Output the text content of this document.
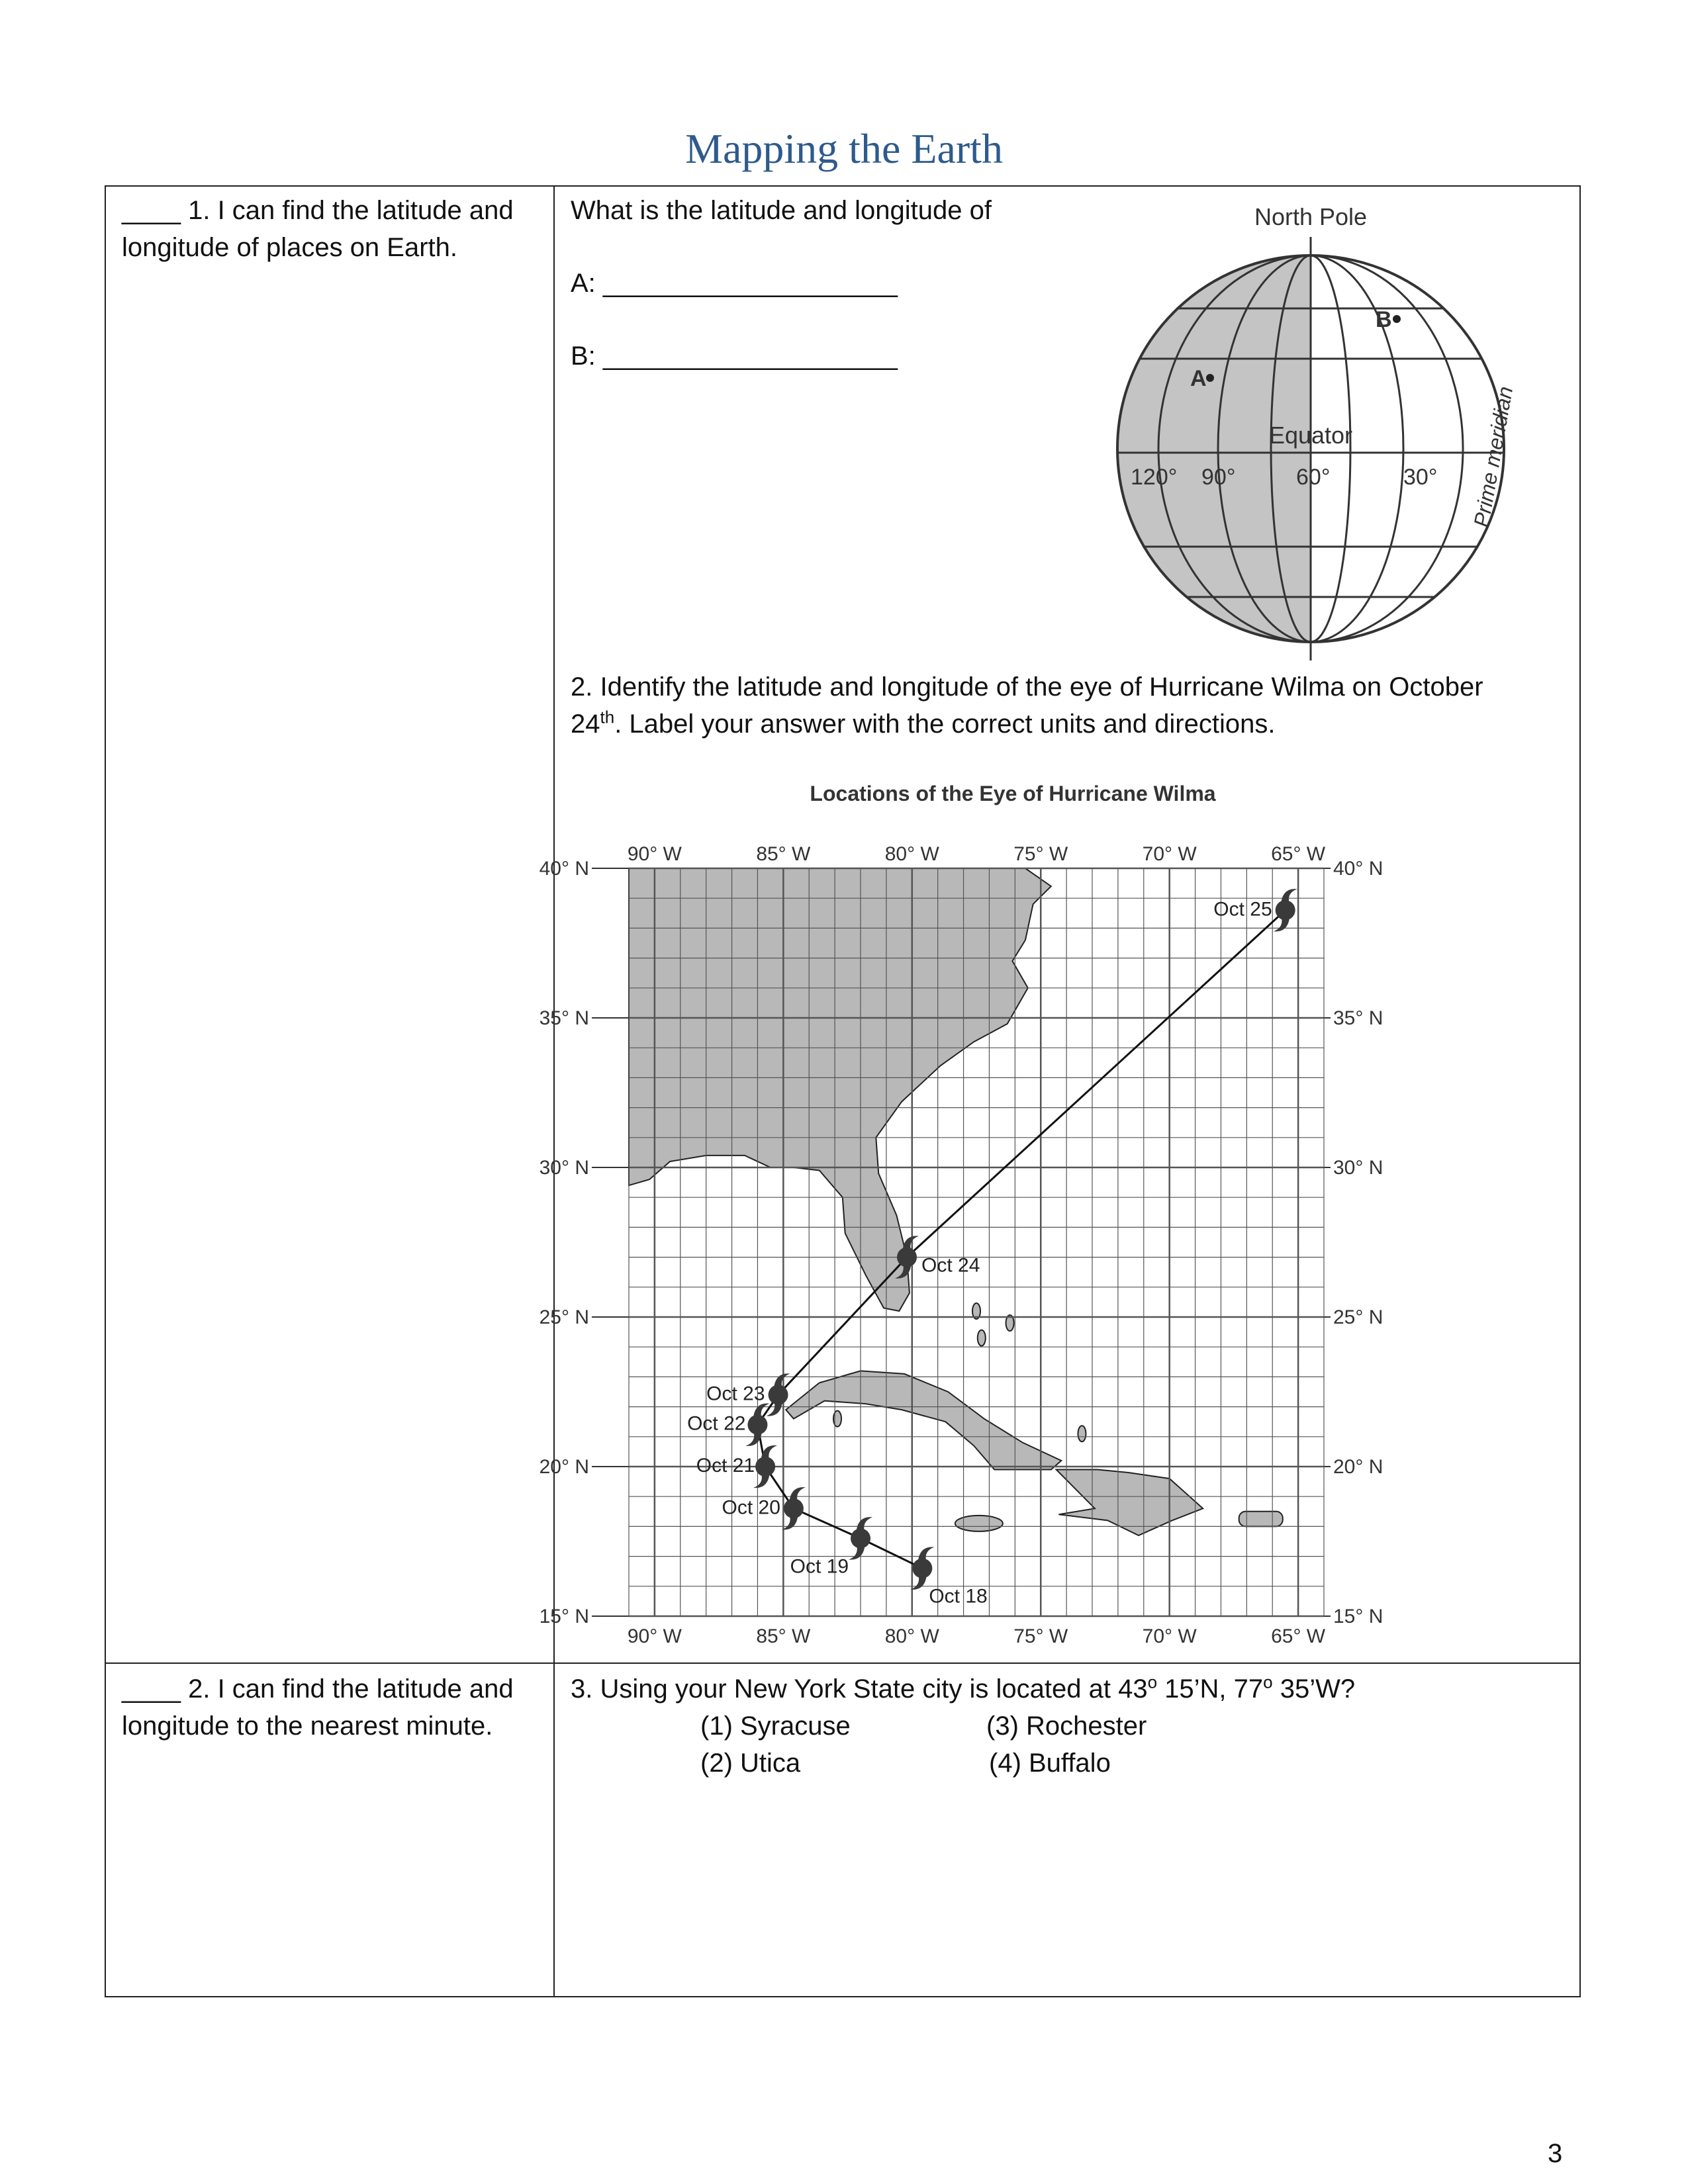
Mapping the Earth
____ 1. I can find the latitude and longitude of places on Earth.
What is the latitude and longitude of
A: ____________________
B: ____________________
North Pole
A
B
Equator
120° 90°	60°	30° Prime meridian
2. Identify the latitude and longitude of the eye of Hurricane Wilma on October
24th. Label your answer with the correct units and directions.
Locations of the Eye of Hurricane Wilma
90° W
90° W
85° W
85° W
80° W
80° W
75° W
75° W
70° W
70° W
65° W
65° W
40° N	40° N
35° N	35° N
30° N	30° N
25° N	25° N
20° N	20° N
15° N	15° N
Oct 18
Oct 19
Oct 20
Oct 21
Oct 22
Oct 23
Oct 24
Oct 25
____ 2. I can find the latitude and longitude to the nearest minute.
3. Using your New York State city is located at 43$^o$ 15’N, 77$^o$ 35’W?
(1) Syracuse	(3) Rochester
(2) Utica	(4) Buffalo
3
